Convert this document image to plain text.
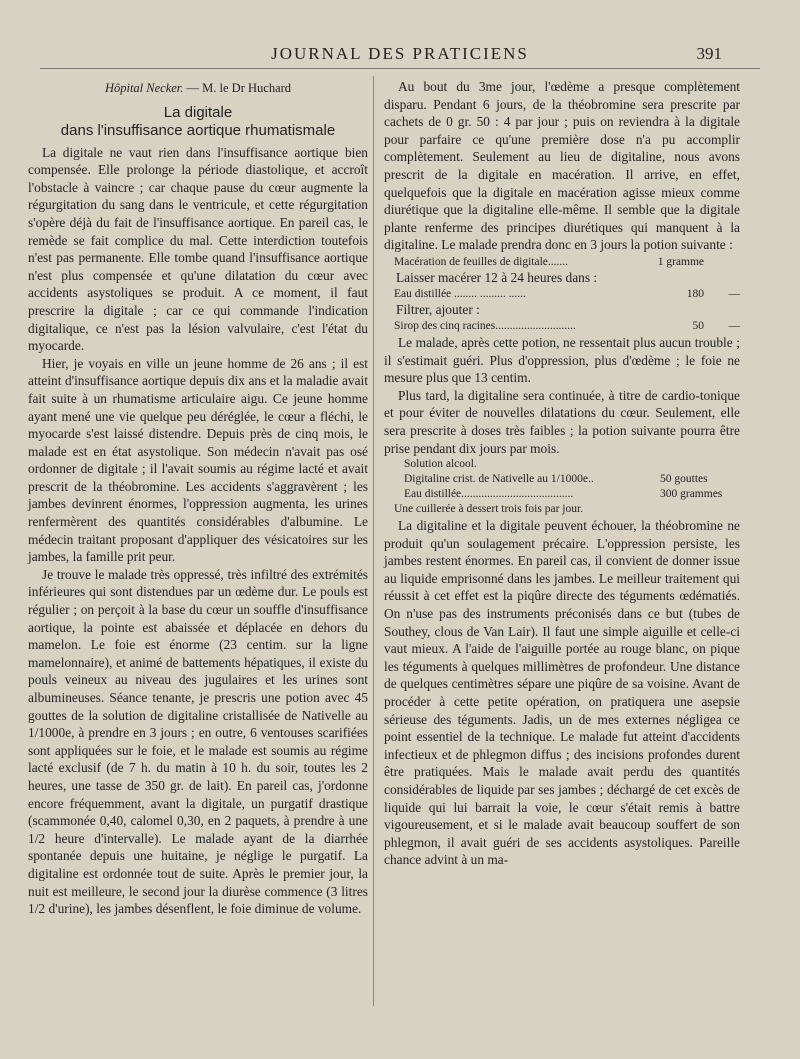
JOURNAL DES PRATICIENS	391
Hôpital Necker. — M. le Dr Huchard
La digitale
dans l'insuffisance aortique rhumatismale

La digitale ne vaut rien dans l'insuffisance aortique bien compensée. Elle prolonge la période diastolique, et accroît l'obstacle à vaincre ; car chaque pause du cœur augmente la régurgitation du sang dans le ventricule, et cette régurgitation s'opère déjà du fait de l'insuffisance aortique. En pareil cas, le remède se fait complice du mal. Cette interdiction toutefois n'est pas permanente. Elle tombe quand l'insuffisance aortique n'est plus compensée et qu'une dilatation du cœur avec accidents asystoliques se produit. A ce moment, il faut prescrire la digitale ; car ce qui commande l'indication digitalique, ce n'est pas la lésion valvulaire, c'est l'état du myocarde.

Hier, je voyais en ville un jeune homme de 26 ans ; il est atteint d'insuffisance aortique depuis dix ans et la maladie avait fait suite à un rhumatisme articulaire aigu. Ce jeune homme ayant mené une vie quelque peu déréglée, le cœur a fléchi, le myocarde s'est laissé distendre. Depuis près de cinq mois, le malade est en état asystolique. Son médecin n'avait pas osé ordonner de digitale ; il l'avait soumis au régime lacté et avait prescrit de la théobromine. Les accidents s'aggravèrent ; les jambes devinrent énormes, l'oppression augmenta, les urines renfermèrent des quantités considérables d'albumine. Le médecin traitant proposant d'appliquer des vésicatoires sur les jambes, la famille prit peur.

Je trouve le malade très oppressé, très infiltré des extrémités inférieures qui sont distendues par un œdème dur. Le pouls est régulier ; on perçoit à la base du cœur un souffle d'insuffisance aortique, la pointe est abaissée et déplacée en dehors du mamelon. Le foie est énorme (23 centim. sur la ligne mamelonnaire), et animé de battements hépatiques, il existe du pouls veineux au niveau des jugulaires et les urines sont albumineuses. Séance tenante, je prescris une potion avec 45 gouttes de la solution de digitaline cristallisée de Nativelle au 1/1000e, à prendre en 3 jours ; en outre, 6 ventouses scarifiées sont appliquées sur le foie, et le malade est soumis au régime lacté exclusif (de 7 h. du matin à 10 h. du soir, toutes les 2 heures, une tasse de 350 gr. de lait). En pareil cas, j'ordonne encore fréquemment, avant la digitale, un purgatif drastique (scammonée 0,40, calomel 0,30, en 2 paquets, à prendre à une 1/2 heure d'intervalle). Le malade ayant de la diarrhée spontanée depuis une huitaine, je néglige le purgatif. La digitaline est ordonnée tout de suite. Après le premier jour, la nuit est meilleure, le second jour la diurèse commence (3 litres 1/2 d'urine), les jambes désenflent, le foie diminue de volume.

Au bout du 3me jour, l'œdème a presque complètement disparu. Pendant 6 jours, de la théobromine sera prescrite par cachets de 0 gr. 50 : 4 par jour ; puis on reviendra à la digitale pour parfaire ce qu'une première dose n'a pu accomplir complètement. Seulement au lieu de digitaline, nous avons prescrit de la digitale en macération. Il arrive, en effet, quelquefois que la digitale en macération agisse mieux comme diurétique que la digitaline elle-même. Il semble que la digitale plante renferme des principes diurétiques qui manquent à la digitaline. Le malade prendra donc en 3 jours la potion suivante :

Macération de feuilles de digitale.......	1 gramme
Laisser macérer 12 à 24 heures dans :
Eau distillée ........ ......... ......	180	—
Filtrer, ajouter :
Sirop des cinq racines............................	50	—

Le malade, après cette potion, ne ressentait plus aucun trouble ; il s'estimait guéri. Plus d'oppression, plus d'œdème ; le foie ne mesure plus que 13 centim.

Plus tard, la digitaline sera continuée, à titre de cardio-tonique et pour éviter de nouvelles dilatations du cœur. Seulement, elle sera prescrite à doses très faibles ; la potion suivante pourra être prise pendant dix jours par mois.

Solution alcool.
Digitaline crist. de Nativelle au 1/1000e..	50 gouttes
Eau distillée.......................................	300 grammes
Une cuillerée à dessert trois fois par jour.

La digitaline et la digitale peuvent échouer, la théobromine ne produit qu'un soulagement précaire. L'oppression persiste, les jambes restent énormes. En pareil cas, il convient de donner issue au liquide emprisonné dans les jambes. Le meilleur traitement qui réussit à cet effet est la piqûre directe des téguments œdématiés. On n'use pas des instruments préconisés dans ce but (tubes de Southey, clous de Van Lair). Il faut une simple aiguille et celle-ci vaut mieux. A l'aide de l'aiguille portée au rouge blanc, on pique les téguments à quelques millimètres de profondeur. Une distance de quelques centimètres sépare une piqûre de sa voisine. Avant de procéder à cette petite opération, on pratiquera une asepsie sérieuse des téguments. Jadis, un de mes externes négligea ce point essentiel de la technique. Le malade fut atteint d'accidents infectieux et de phlegmon diffus ; des incisions profondes durent être pratiquées. Mais le malade avait perdu des quantités considérables de liquide par ses jambes ; déchargé de cet excès de liquide qui lui barrait la voie, le cœur s'était remis à battre vigoureusement, et si le malade avait beaucoup souffert de son phlegmon, il avait guéri de ses accidents asystoliques. Pareille chance advint à un ma-
